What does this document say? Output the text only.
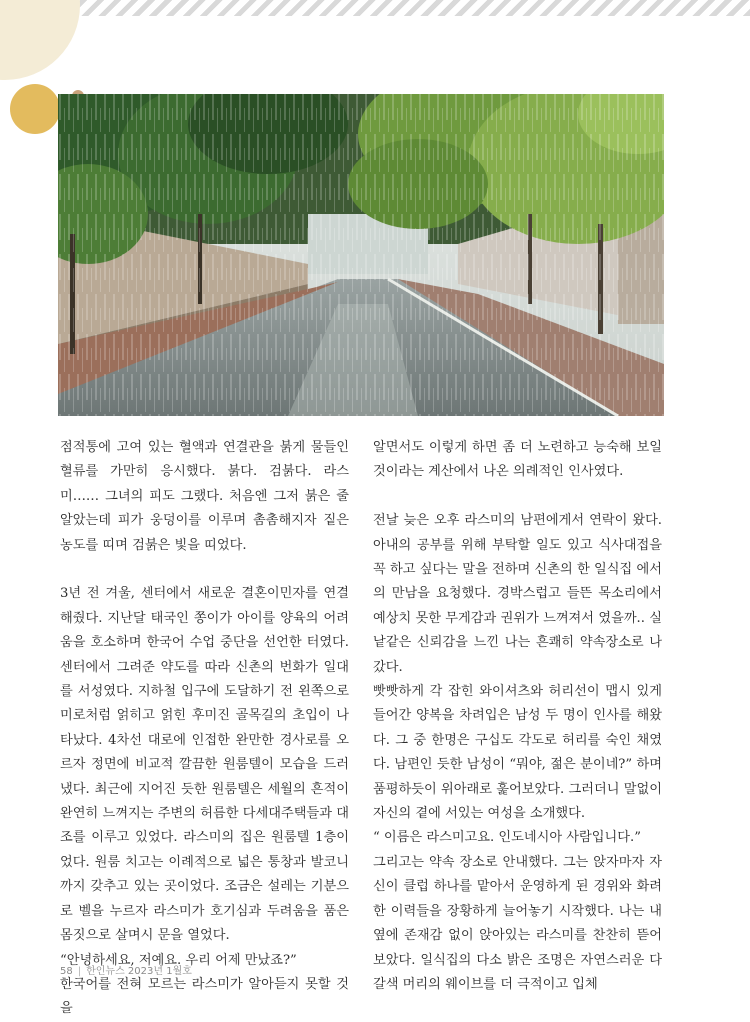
점적통에 고여 있는 혈액과 연결관을 붉게 물들인 혈류를 가만히 응시했다. 붉다. 검붉다. 라스미…… 그녀의 피도 그랬다. 처음엔 그저 붉은 줄 알았는데 피가 웅덩이를 이루며 촘촘해지자 짙은 농도를 띠며 검붉은 빛을 띠었다.

3년 전 겨울, 센터에서 새로운 결혼이민자를 연결해줬다. 지난달 태국인 쫑이가 아이를 양육의 어려움을 호소하며 한국어 수업 중단을 선언한 터였다. 센터에서 그려준 약도를 따라 신촌의 번화가 일대를 서성였다. 지하철 입구에 도달하기 전 왼쪽으로 미로처럼 얽히고 얽힌 후미진 골목길의 초입이 나타났다. 4차선 대로에 인접한 완만한 경사로를 오르자 정면에 비교적 깔끔한 원룸텔이 모습을 드러냈다. 최근에 지어진 듯한 원룸텔은 세월의 흔적이 완연히 느껴지는 주변의 허름한 다세대주택들과 대조를 이루고 있었다. 라스미의 집은 원룸텔 1층이었다. 원룸 치고는 이례적으로 넓은 통창과 발코니까지 갖추고 있는 곳이었다. 조금은 설레는 기분으로 벨을 누르자 라스미가 호기심과 두려움을 품은 몸짓으로 살며시 문을 열었다.

“안녕하세요, 저예요. 우리 어제 만났죠?”

한국어를 전혀 모르는 라스미가 알아듣지 못할 것을

알면서도 이렇게 하면 좀 더 노련하고 능숙해 보일 것이라는 계산에서 나온 의례적인 인사였다.

전날 늦은 오후 라스미의 남편에게서 연락이 왔다. 아내의 공부를 위해 부탁할 일도 있고 식사대접을 꼭 하고 싶다는 말을 전하며 신촌의 한 일식집 에서의 만남을 요청했다. 경박스럽고 들뜬 목소리에서 예상치 못한 무게감과 권위가 느껴져서 였을까.. 실낱같은 신뢰감을 느낀 나는 흔쾌히 약속장소로 나갔다.

빳빳하게 각 잡힌 와이셔츠와 허리선이 맵시 있게 들어간 양복을 차려입은 남성 두 명이 인사를 해왔다. 그 중 한명은 구십도 각도로 허리를 숙인 채였다. 남편인 듯한 남성이 “뭐야, 젊은 분이네?” 하며 품평하듯이 위아래로 훑어보았다. 그러더니 말없이 자신의 곁에 서있는 여성을 소개했다.

“ 이름은 라스미고요. 인도네시아 사람입니다.”

그리고는 약속 장소로 안내했다. 그는 앉자마자 자신이 클럽 하나를 맡아서 운영하게 된 경위와 화려한 이력들을 장황하게 늘어놓기 시작했다. 나는 내 옆에 존재감 없이 앉아있는 라스미를 찬찬히 뜯어보았다. 일식집의 다소 밝은 조명은 자연스러운 다갈색 머리의 웨이브를 더 극적이고 입체

58 | 한인뉴스 2023년 1월호
